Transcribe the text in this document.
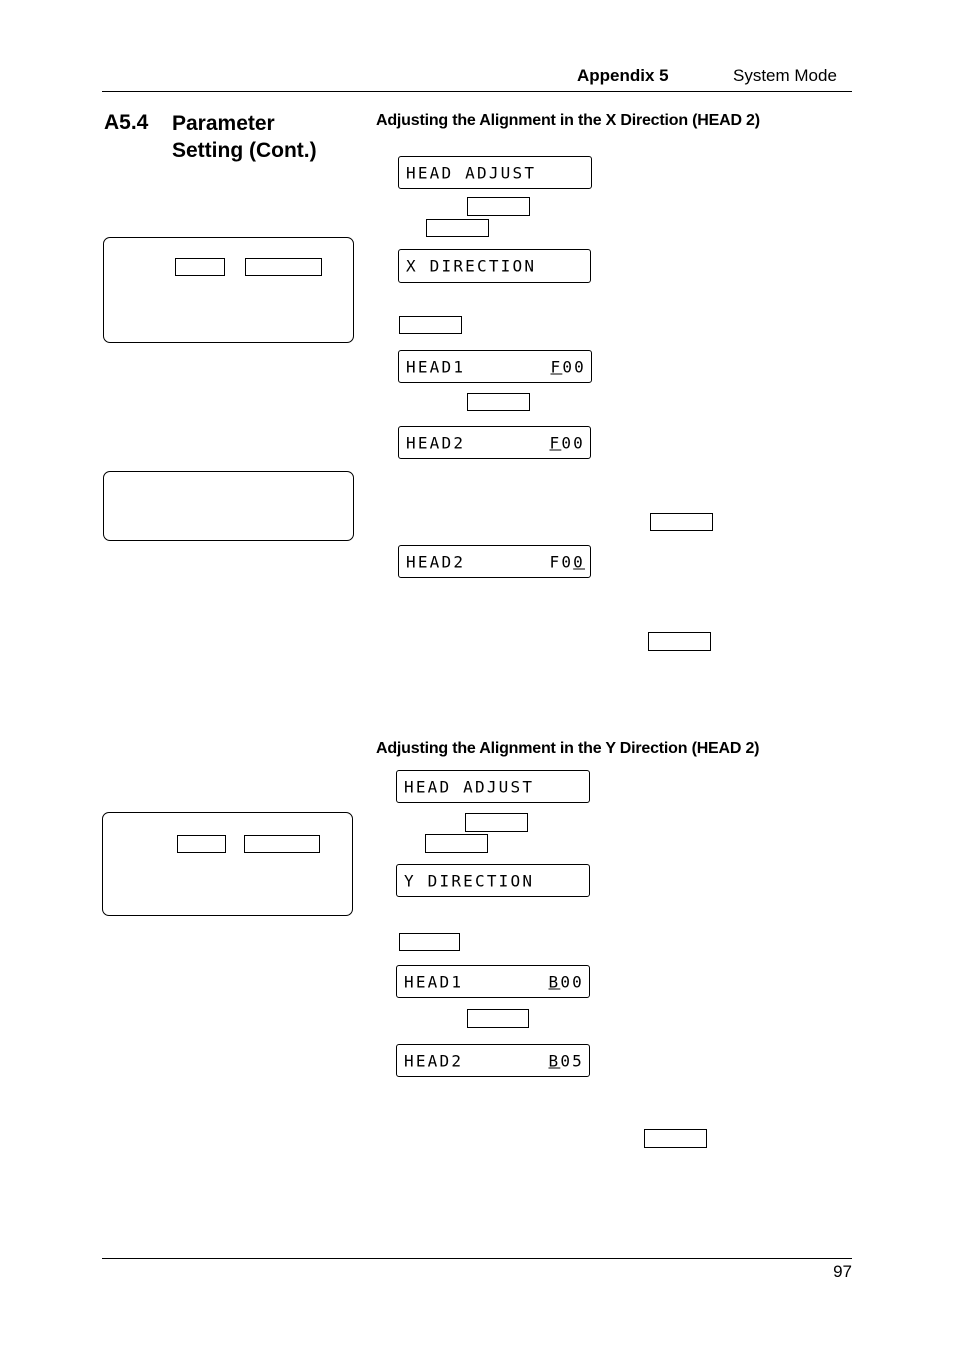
Appendix 5	System Mode
A5.4 Parameter
Setting (Cont.)
Adjusting the Alignment in the X Direction (HEAD 2)
HEAD ADJUST
X DIRECTION
HEAD1	F00
HEAD2	F00
HEAD2	F00
Adjusting the Alignment in the Y Direction (HEAD 2)
HEAD ADJUST
Y DIRECTION
HEAD1	B00
HEAD2	B05
97
